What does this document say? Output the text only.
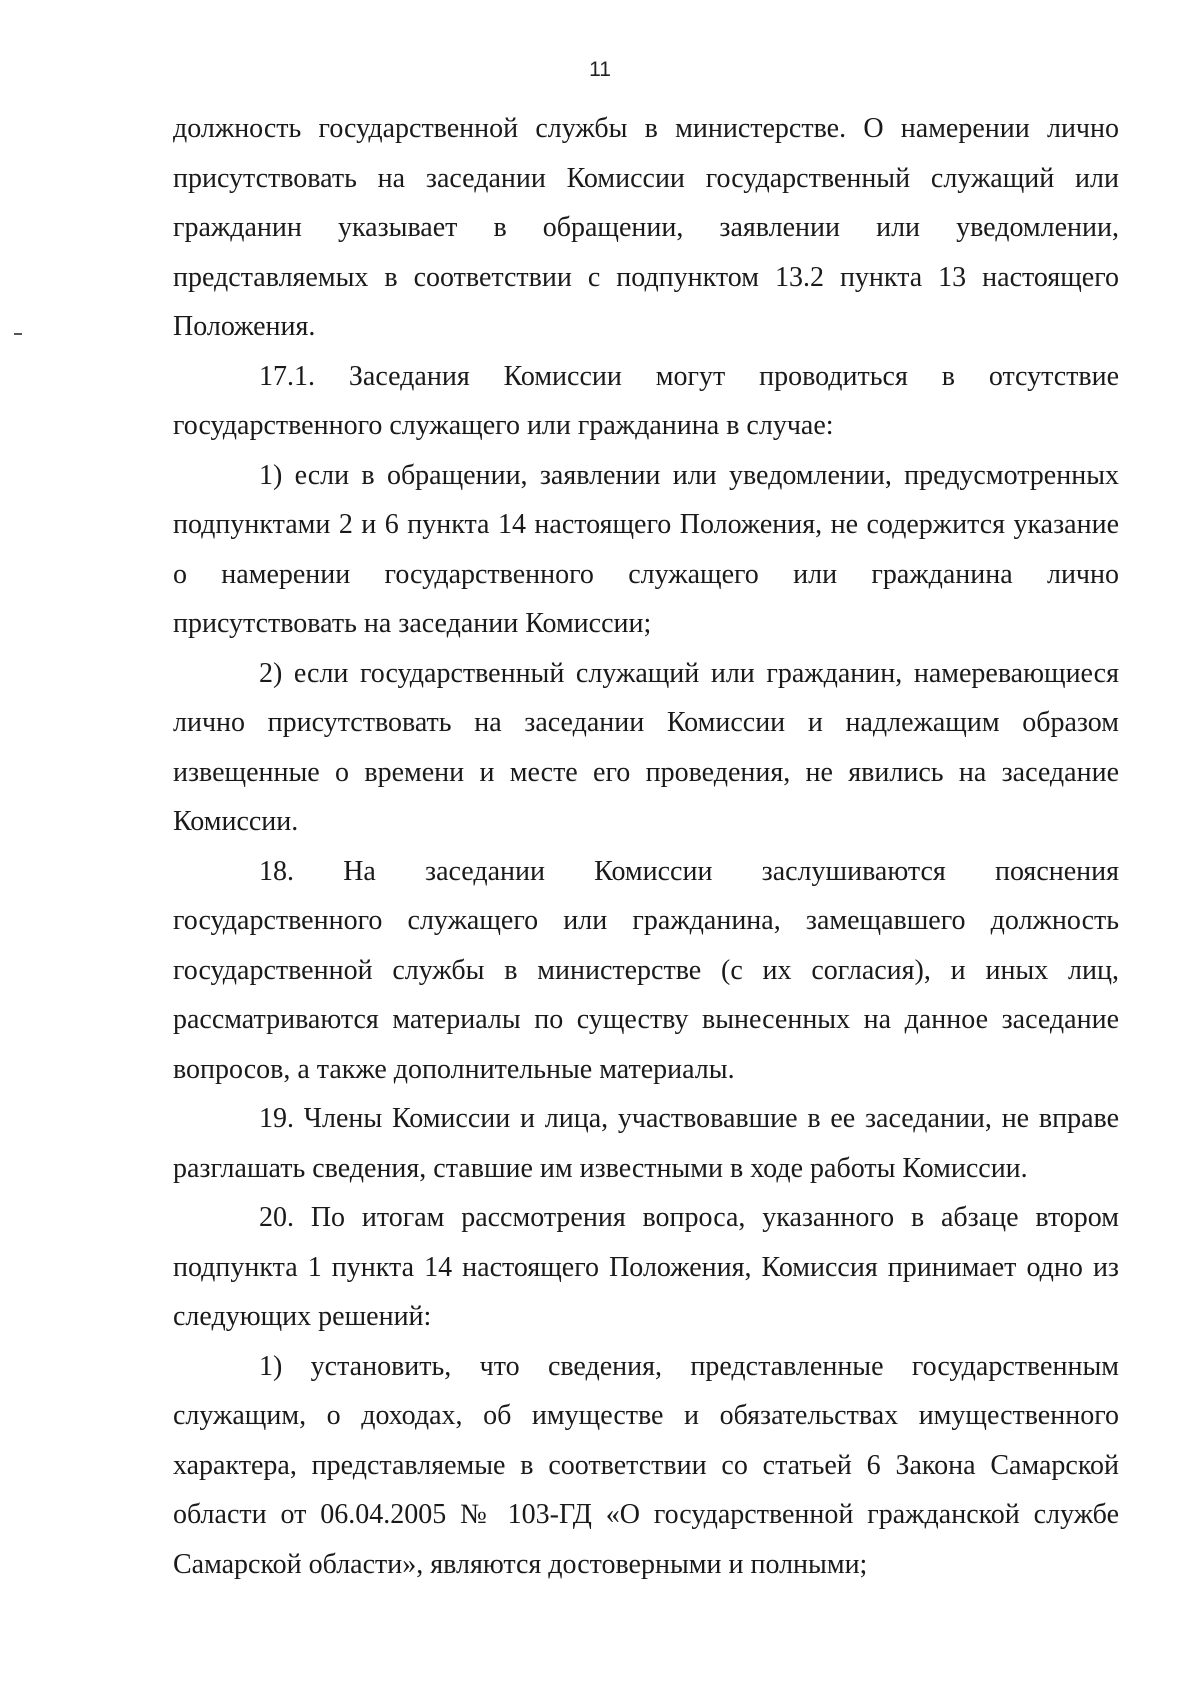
11

должность государственной службы в министерстве. О намерении лично присутствовать на заседании Комиссии государственный служащий или гражданин указывает в обращении, заявлении или уведомлении, представляемых в соответствии с подпунктом 13.2 пункта 13 настоящего Положения.

17.1. Заседания Комиссии могут проводиться в отсутствие государственного служащего или гражданина в случае:

1) если в обращении, заявлении или уведомлении, предусмотренных подпунктами 2 и 6 пункта 14 настоящего Положения, не содержится указание о намерении государственного служащего или гражданина лично присутствовать на заседании Комиссии;

2) если государственный служащий или гражданин, намеревающиеся лично присутствовать на заседании Комиссии и надлежащим образом извещенные о времени и месте его проведения, не явились на заседание Комиссии.

18. На заседании Комиссии заслушиваются пояснения государственного служащего или гражданина, замещавшего должность государственной службы в министерстве (с их согласия), и иных лиц, рассматриваются материалы по существу вынесенных на данное заседание вопросов, а также дополнительные материалы.

19. Члены Комиссии и лица, участвовавшие в ее заседании, не вправе разглашать сведения, ставшие им известными в ходе работы Комиссии.

20. По итогам рассмотрения вопроса, указанного в абзаце втором подпункта 1 пункта 14 настоящего Положения, Комиссия принимает одно из следующих решений:

1) установить, что сведения, представленные государственным служащим, о доходах, об имуществе и обязательствах имущественного характера, представляемые в соответствии со статьей 6 Закона Самарской области от 06.04.2005 № 103-ГД «О государственной гражданской службе Самарской области», являются достоверными и полными;
